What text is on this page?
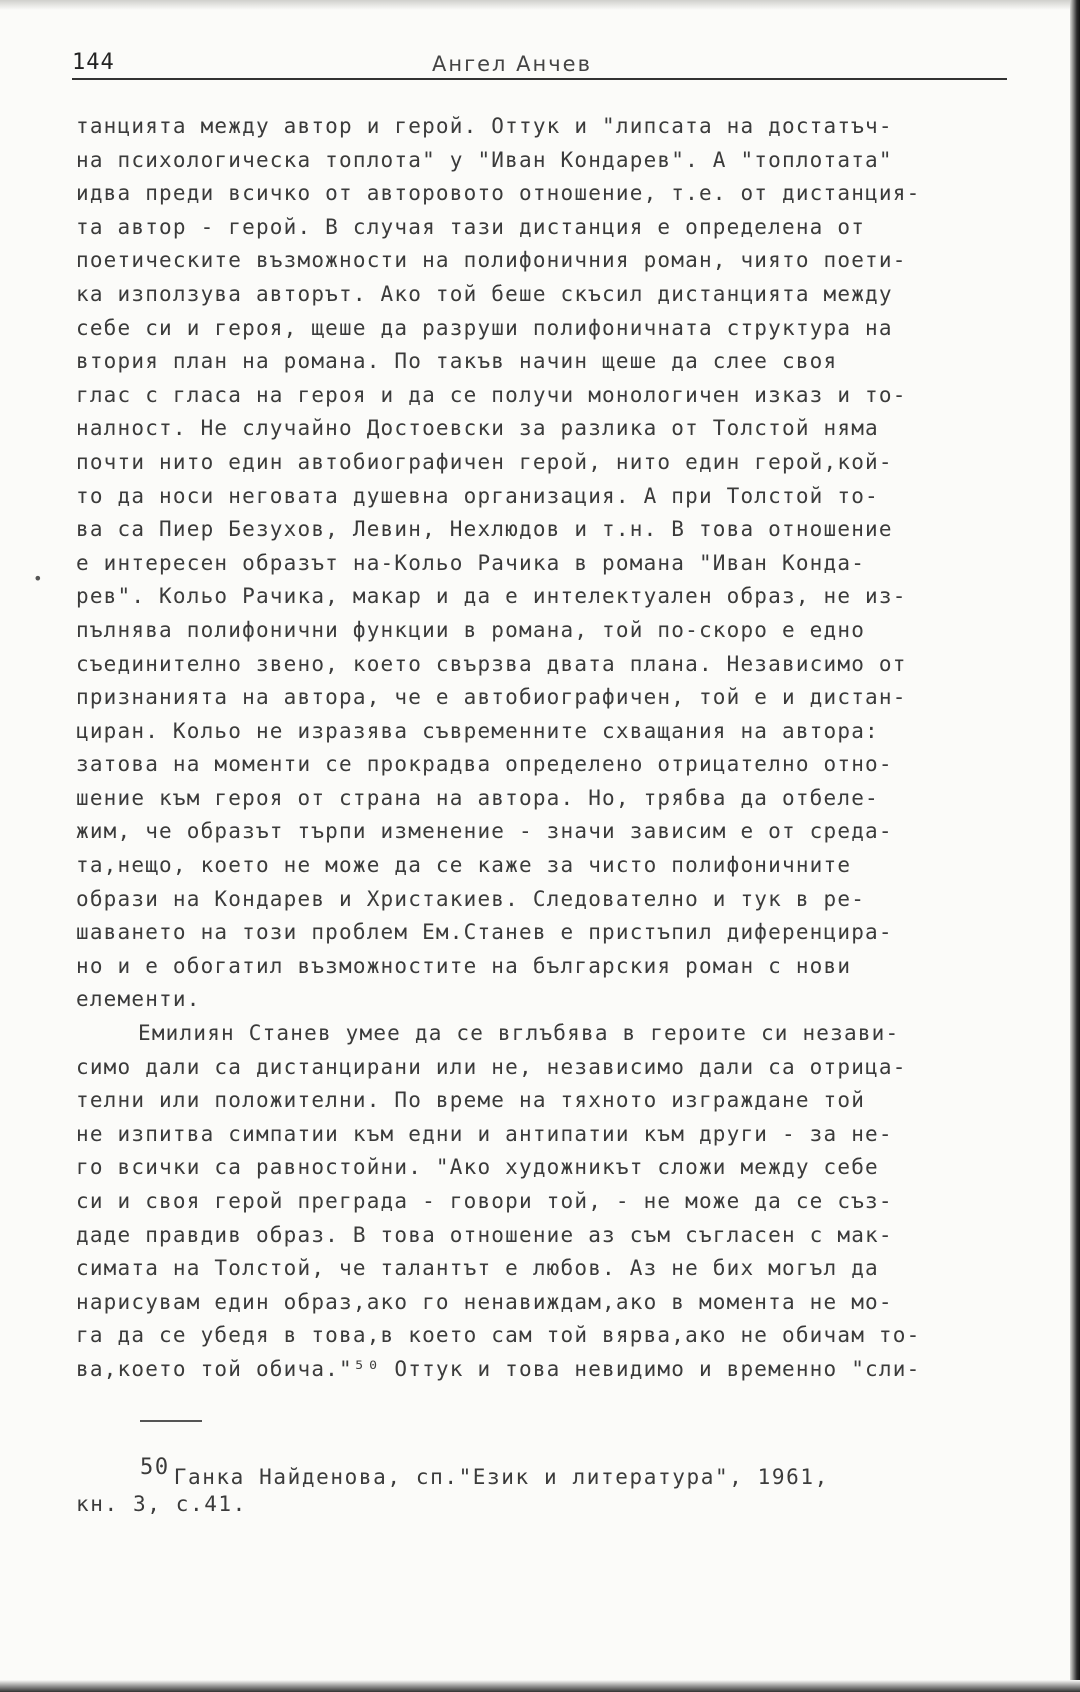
144	Ангел Анчев
•
танцията между автор и герой. Оттук и "липсата на достатъч-
на психологическа топлота" у "Иван Кондарев". А "топлотата"
идва преди всичко от авторовото отношение, т.е. от дистанция-
та автор - герой. В случая тази дистанция е определена от
поетическите възможности на полифоничния роман, чиято поети-
ка използува авторът. Ако той беше скъсил дистанцията между
себе си и героя, щеше да разруши полифоничната структура на
втория план на романа. По такъв начин щеше да слее своя
глас с гласа на героя и да се получи монологичен изказ и то-
налност. Не случайно Достоевски за разлика от Толстой няма
почти нито един автобиографичен герой, нито един герой,кой-
то да носи неговата душевна организация. А при Толстой то-
ва са Пиер Безухов, Левин, Нехлюдов и т.н. В това отношение
е интересен образът на-Кольо Рачика в романа "Иван Конда-
рев". Кольо Рачика, макар и да е интелектуален образ, не из-
пълнява полифонични функции в романа, той по-скоро е едно
съединително звено, което свързва двата плана. Независимо от
признанията на автора, че е автобиографичен, той е и дистан-
циран. Кольо не изразява съвременните схващания на автора:
затова на моменти се прокрадва определено отрицателно отно-
шение към героя от страна на автора. Но, трябва да отбеле-
жим, че образът търпи изменение - значи зависим е от среда-
та,нещо, което не може да се каже за чисто полифоничните
образи на Кондарев и Христакиев. Следователно и тук в ре-
шаването на този проблем Ем.Станев е пристъпил диференцира-
но и е обогатил възможностите на българския роман с нови
елементи.
Емилиян Станев умее да се вглъбява в героите си незави-
симо дали са дистанцирани или не, независимо дали са отрица-
телни или положителни. По време на тяхното изграждане той
не изпитва симпатии към едни и антипатии към други - за не-
го всички са равностойни. "Ако художникът сложи между себе
си и своя герой преграда - говори той, - не може да се съз-
даде правдив образ. В това отношение аз съм съгласен с мак-
симата на Толстой, че талантът е любов. Аз не бих могъл да
нарисувам един образ,ако го ненавиждам,ако в момента не мо-
га да се убедя в това,в което сам той вярва,ако не обичам то-
ва,което той обича."⁵⁰ Оттук и това невидимо и временно "сли-
50 Ганка Найденова, сп."Език и литература", 1961,
кн. 3, с.41.
